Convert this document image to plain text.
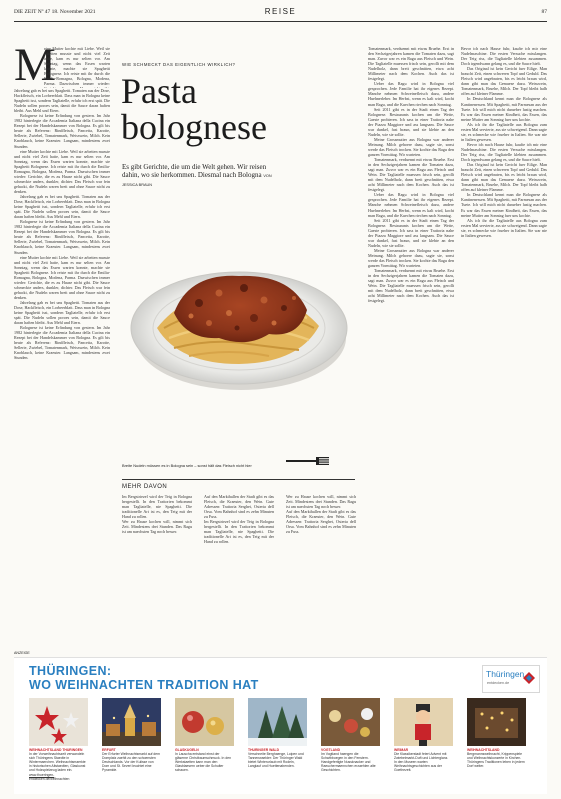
DIE ZEIT Nº 47 18. November 2021	REISE	87
M

eine Mutter kochte mit Liebe. Weil sie arbeiten musste und nicht viel Zeit hatte, kam es nur selten vor. Am Sonntag, wenn das Essen warten konnte, machte sie Spaghetti Bolognese. Ich reiste mit ihr durch die Emilia-Romagna, Bologna, Modena, Parma. Dazwischen immer wieder:

Jahrelang gab es bei uns Spaghetti. Tomaten aus der Dose, Hackfleisch, ein Lorbeerblatt. Dass man in Bologna keine Spaghetti isst, sondern Tagliatelle, erfuhr ich erst spät. Die Nudeln sollen poroes sein, damit die Sauce daran haften bleibt. Aus Mehl und Eiern.

Bolognese ist keine Erfindung von gestern. Im Jahr 1982 hinterlegte die Accademia Italiana della Cucina ein Rezept bei der Handelskammer von Bologna. Es gilt bis heute als Referenz: Rindfleisch, Pancetta, Karotte, Sellerie, Zwiebel, Tomatenmark, Weisswein, Milch. Kein Knoblauch, keine Kraeuter. Langsam, mindestens zwei Stunden.

eine Mutter kochte mit Liebe. Weil sie arbeiten musste und nicht viel Zeit hatte, kam es nur selten vor. Am Sonntag, wenn das Essen warten konnte, machte sie Spaghetti Bolognese. Ich reiste mit ihr durch die Emilia-Romagna, Bologna, Modena, Parma. Dazwischen immer wieder: Gerichte, die es zu Hause nicht gibt. Die Sauce schmeckte anders, dunkler, dichter. Das Fleisch war fein gehackt, die Nudeln waren breit und ohne Sauce nicht zu denken.

Jahrelang gab es bei uns Spaghetti. Tomaten aus der Dose, Hackfleisch, ein Lorbeerblatt. Dass man in Bologna keine Spaghetti isst, sondern Tagliatelle, erfuhr ich erst spät. Die Nudeln sollen poroes sein, damit die Sauce daran haften bleibt. Aus Mehl und Eiern.

Bolognese ist keine Erfindung von gestern. Im Jahr 1982 hinterlegte die Accademia Italiana della Cucina ein Rezept bei der Handelskammer von Bologna. Es gilt bis heute als Referenz: Rindfleisch, Pancetta, Karotte, Sellerie, Zwiebel, Tomatenmark, Weisswein, Milch. Kein Knoblauch, keine Kraeuter. Langsam, mindestens zwei Stunden.

eine Mutter kochte mit Liebe. Weil sie arbeiten musste und nicht viel Zeit hatte, kam es nur selten vor. Am Sonntag, wenn das Essen warten konnte, machte sie Spaghetti Bolognese. Ich reiste mit ihr durch die Emilia-Romagna, Bologna, Modena, Parma. Dazwischen immer wieder: Gerichte, die es zu Hause nicht gibt. Die Sauce schmeckte anders, dunkler, dichter. Das Fleisch war fein gehackt, die Nudeln waren breit und ohne Sauce nicht zu denken.

Jahrelang gab es bei uns Spaghetti. Tomaten aus der Dose, Hackfleisch, ein Lorbeerblatt. Dass man in Bologna keine Spaghetti isst, sondern Tagliatelle, erfuhr ich erst spät. Die Nudeln sollen poroes sein, damit die Sauce daran haften bleibt. Aus Mehl und Eiern.

Bolognese ist keine Erfindung von gestern. Im Jahr 1982 hinterlegte die Accademia Italiana della Cucina ein Rezept bei der Handelskammer von Bologna. Es gilt bis heute als Referenz: Rindfleisch, Pancetta, Karotte, Sellerie, Zwiebel, Tomatenmark, Weisswein, Milch. Kein Knoblauch, keine Kraeuter. Langsam, mindestens zwei Stunden.

WIE SCHMECKT DAS EIGENTLICH WIRKLICH?
Pasta
bolognese
Es gibt Gerichte, die um die Welt gehen. Wir reisen dahin, wo sie herkommen. Diesmal nach Bologna VON JESSICA BRAUN
Breite Nudeln müssen es in Bologna sein – sonst hält das Fleisch nicht hier
MEHR DAVON

Im Bergstriezel wird der Teig in Bologna hergestellt. In den Trattorien bekommt man Tagliatelle, nie Spaghetti. Die traditionelle Art ist es, den Teig mit der Hand zu rollen.

Wer zu Hause kochen will, nimmt sich Zeit. Mindestens drei Stunden. Das Ragu ist am naechsten Tag noch besser.

Auf den Markthallen der Stadt gibt es das Fleisch, die Kraeuter, den Wein. Gute Adressen: Trattoria Serghei, Osteria dell Orsa. Vom Bahnhof sind es zehn Minuten zu Fuss.

Im Bergstriezel wird der Teig in Bologna hergestellt. In den Trattorien bekommt man Tagliatelle, nie Spaghetti. Die traditionelle Art ist es, den Teig mit der Hand zu rollen.

Wer zu Hause kochen will, nimmt sich Zeit. Mindestens drei Stunden. Das Ragu ist am naechsten Tag noch besser.

Auf den Markthallen der Stadt gibt es das Fleisch, die Kraeuter, den Wein. Gute Adressen: Trattoria Serghei, Osteria dell Orsa. Vom Bahnhof sind es zehn Minuten zu Fuss.

Tomatenmark, verduennt mit etwas Bruehe. Erst in den Sechzigerjahren kamen die Tomaten dazu, sagt man. Zuvor war es ein Ragu aus Fleisch und Wein. Die Tagliatelle muessen frisch sein, gerollt mit dem Nudelholz, dann breit geschnitten, etwa acht Millimeter nach dem Kochen. Auch das ist festgelegt.

Ueber das Ragu wird in Bologna viel gesprochen. Jede Familie hat ihr eigenes Rezept. Manche nehmen Schweinefleisch dazu, andere Huehnerleber. Im Herbst, wenn es kalt wird, kocht man Ragu, und die Kuechen riechen nach Sonntag.

Seit 2011 gibt es in der Stadt einen Tag der Bolognese. Restaurants kochen um die Wette, Gaeste probieren. Ich sass in einer Trattoria nahe der Piazza Maggiore und ass langsam. Die Sauce war dunkel, fast braun, und sie klebte an den Nudeln, wie sie sollte.

Meine Grossmutter aus Bologna war anderer Meinung. Milch gehoere dazu, sagte sie, sonst werde das Fleisch trocken. Sie kochte das Ragu den ganzen Vormittag. Wir warteten.

Tomatenmark, verduennt mit etwas Bruehe. Erst in den Sechzigerjahren kamen die Tomaten dazu, sagt man. Zuvor war es ein Ragu aus Fleisch und Wein. Die Tagliatelle muessen frisch sein, gerollt mit dem Nudelholz, dann breit geschnitten, etwa acht Millimeter nach dem Kochen. Auch das ist festgelegt.

Ueber das Ragu wird in Bologna viel gesprochen. Jede Familie hat ihr eigenes Rezept. Manche nehmen Schweinefleisch dazu, andere Huehnerleber. Im Herbst, wenn es kalt wird, kocht man Ragu, und die Kuechen riechen nach Sonntag.

Seit 2011 gibt es in der Stadt einen Tag der Bolognese. Restaurants kochen um die Wette, Gaeste probieren. Ich sass in einer Trattoria nahe der Piazza Maggiore und ass langsam. Die Sauce war dunkel, fast braun, und sie klebte an den Nudeln, wie sie sollte.

Meine Grossmutter aus Bologna war anderer Meinung. Milch gehoere dazu, sagte sie, sonst werde das Fleisch trocken. Sie kochte das Ragu den ganzen Vormittag. Wir warteten.

Tomatenmark, verduennt mit etwas Bruehe. Erst in den Sechzigerjahren kamen die Tomaten dazu, sagt man. Zuvor war es ein Ragu aus Fleisch und Wein. Die Tagliatelle muessen frisch sein, gerollt mit dem Nudelholz, dann breit geschnitten, etwa acht Millimeter nach dem Kochen. Auch das ist festgelegt.

Bevor ich nach Hause fuhr, kaufte ich mir eine Nudelmaschine. Die ersten Versuche misslangen. Der Teig riss, die Tagliatelle klebten zusammen. Doch irgendwann gelang es, und die Sauce hielt.

Das Original ist kein Gericht fuer Eilige. Man braucht Zeit, einen schweren Topf und Geduld. Das Fleisch wird angebraten, bis es leicht braun wird, dann gibt man das Gemuese dazu. Weisswein, Tomatenmark, Bruehe, Milch. Der Topf bleibt halb offen auf kleiner Flamme.

In Deutschland kennt man die Bolognese als Kantinenessen. Mit Spaghetti, mit Parmesan aus der Tuete. Ich will mich nicht darueber lustig machen. Es war das Essen meiner Kindheit, das Essen, das meine Mutter am Sonntag fuer uns kochte.

Als ich ihr die Tagliatelle aus Bologna zum ersten Mal servierte, ass sie schweigend. Dann sagte sie, es schmecke wie frueher in Italien. Sie war nie in Italien gewesen.

Bevor ich nach Hause fuhr, kaufte ich mir eine Nudelmaschine. Die ersten Versuche misslangen. Der Teig riss, die Tagliatelle klebten zusammen. Doch irgendwann gelang es, und die Sauce hielt.

Das Original ist kein Gericht fuer Eilige. Man braucht Zeit, einen schweren Topf und Geduld. Das Fleisch wird angebraten, bis es leicht braun wird, dann gibt man das Gemuese dazu. Weisswein, Tomatenmark, Bruehe, Milch. Der Topf bleibt halb offen auf kleiner Flamme.

In Deutschland kennt man die Bolognese als Kantinenessen. Mit Spaghetti, mit Parmesan aus der Tuete. Ich will mich nicht darueber lustig machen. Es war das Essen meiner Kindheit, das Essen, das meine Mutter am Sonntag fuer uns kochte.

Als ich ihr die Tagliatelle aus Bologna zum ersten Mal servierte, ass sie schweigend. Dann sagte sie, es schmecke wie frueher in Italien. Sie war nie in Italien gewesen.

ANZEIGE
THÜRINGEN:
WO WEIHNACHTEN TRADITION HAT
Thüringen
entdecken.de
WEIHNACHTSLAND THÜRINGEN
In der Vorweihnachtszeit verwandeln sich Thüringens Staedte in Wintermaerchen. Weihnachtsmaerkte in historischen Altstaedten, Glaskunst und Holzspielzeug laden ein.
www.thueringen-entdecken.de/weihnachten
ERFURT
Der Erfurter Weihnachtsmarkt auf dem Domplatz zaehlt zu den schoensten Deutschlands. Vor der Kulisse von Dom und St. Severi leuchtet eine Pyramide.
GLASKUGELN
In Lauscha entstand einst der gläserne Christbaumschmuck. In den Werkstaetten kann man den Glasblaesern ueber die Schulter schauen.
THÜRINGER WALD
Verschneite Berghaenge, Loipen und Tannenwaelder: Der Thüringer Wald bietet Winterurlaub mit Rodeln, Langlauf und Huettenabenden.
VOGTLAND
Im Vogtland haengen die Schwibboegen in den Fenstern. Handgefertigte Nussknacker und Raeuchermaennchen erzaehlen alte Geschichten.
WEIMAR
Die Klassikerstadt feiert Advent mit Zwiebelmarkt-Duft und Lichterglanz. In den Museen warten Weihnachtsgeschichten aus der Goethezeit.
WEIHNACHTSLAND
Bergmannsweihnacht, Krippenspiele und Weihnachtskonzerte in Kirchen. Thüringens Traditionen leben in jedem Dorf weiter.
